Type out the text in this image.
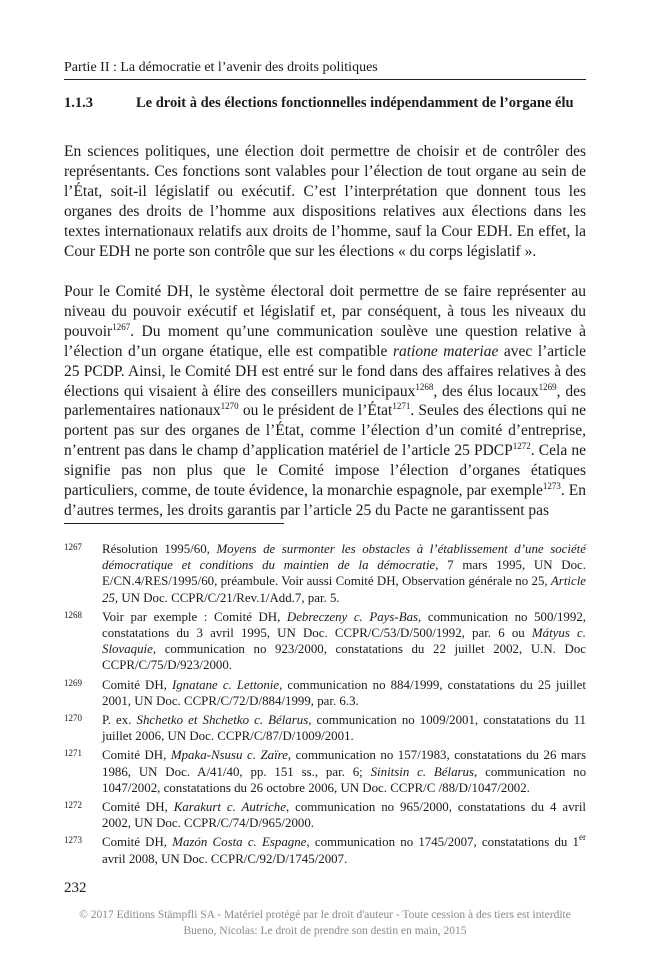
Partie II : La démocratie et l’avenir des droits politiques
1.1.3	Le droit à des élections fonctionnelles indépendamment de l’organe élu

En sciences politiques, une élection doit permettre de choisir et de contrôler des représentants. Ces fonctions sont valables pour l’élection de tout organe au sein de l’État, soit-il législatif ou exécutif. C’est l’interprétation que donnent tous les organes des droits de l’homme aux dispositions relatives aux élections dans les textes internationaux relatifs aux droits de l’homme, sauf la Cour EDH. En effet, la Cour EDH ne porte son contrôle que sur les élections « du corps législatif ».

Pour le Comité DH, le système électoral doit permettre de se faire représenter au niveau du pouvoir exécutif et législatif et, par conséquent, à tous les niveaux du pouvoir$^{1267}$. Du moment qu’une communication soulève une question relative à l’élection d’un organe étatique, elle est compatible ratione materiae avec l’article 25 PCDP. Ainsi, le Comité DH est entré sur le fond dans des affaires relatives à des élections qui visaient à élire des conseillers municipaux$^{1268}$, des élus locaux$^{1269}$, des parlementaires nationaux$^{1270}$ ou le président de l’État$^{1271}$. Seules des élections qui ne portent pas sur des organes de l’État, comme l’élection d’un comité d’entreprise, n’entrent pas dans le champ d’application matériel de l’article 25 $PDCP^{1272}$. Cela ne signifie pas non plus que le Comité impose l’élection d’organes étatiques particuliers, comme, de toute évidence, la monarchie espagnole, par exemple$^{1273}$. En d’autres termes, les droits garantis par l’article 25 du Pacte ne garantissent pas

1267 Résolution 1995/60, Moyens de surmonter les obstacles à l’établissement d’une société démocratique et conditions du maintien de la démocratie, 7 mars 1995, UN Doc. E/CN.4/RES/1995/60, préambule. Voir aussi Comité DH, Observation générale no 25, Article 25, UN Doc. CCPR/C/21/Rev.1/Add.7, par. 5.
1268 Voir par exemple : Comité DH, Debreczeny c. Pays-Bas, communication no 500/1992, constatations du 3 avril 1995, UN Doc. CCPR/C/53/D/500/1992, par. 6 ou Mátyus c. Slovaquie, communication no 923/2000, constatations du 22 juillet 2002, U.N. Doc CCPR/C/75/D/923/2000.
1269 Comité DH, Ignatane c. Lettonie, communication no 884/1999, constatations du 25 juillet 2001, UN Doc. CCPR/C/72/D/884/1999, par. 6.3.
1270 P. ex. Shchetko et Shchetko c. Bélarus, communication no 1009/2001, constatations du 11 juillet 2006, UN Doc. CCPR/C/87/D/1009/2001.
1271 Comité DH, Mpaka-Nsusu c. Zaïre, communication no 157/1983, constatations du 26 mars 1986, UN Doc. A/41/40, pp. 151 ss., par. 6; Sinitsin c. Bélarus, communication no 1047/2002, constatations du 26 octobre 2006, UN Doc. CCPR/C /88/D/1047/2002.
1272 Comité DH, Karakurt c. Autriche, communication no 965/2000, constatations du 4 avril 2002, UN Doc. CCPR/C/74/D/965/2000.
1273 Comité DH, Mazón Costa c. Espagne, communication no 1745/2007, constatations du 1er avril 2008, UN Doc. CCPR/C/92/D/1745/2007.
232
© 2017 Editions Stämpfli SA - Matériel protégé par le droit d'auteur - Toute cession à des tiers est interdite
Bueno, Nicolas: Le droit de prendre son destin en main, 2015
